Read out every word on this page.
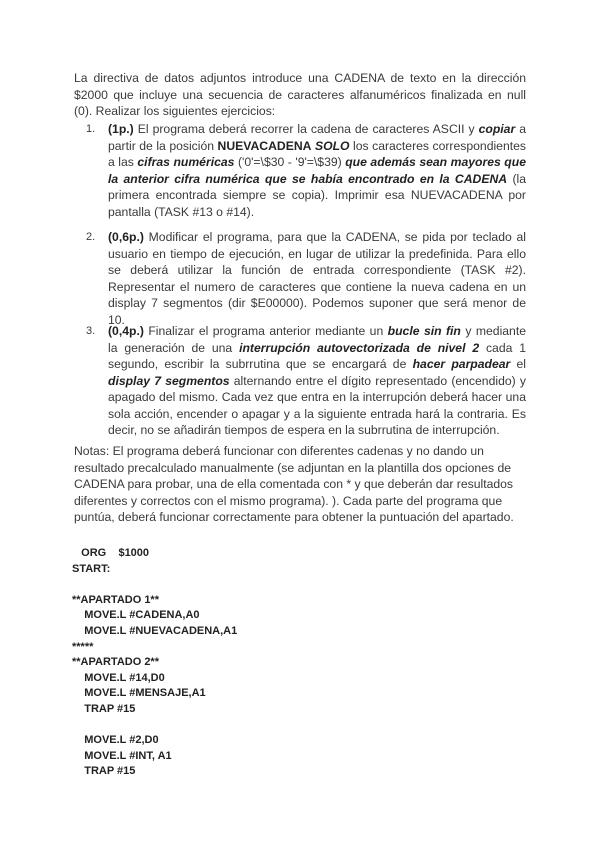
La directiva de datos adjuntos introduce una CADENA de texto en la dirección $2000 que incluye una secuencia de caracteres alfanuméricos finalizada en null (0). Realizar los siguientes ejercicios:

1. (1p.) El programa deberá recorrer la cadena de caracteres ASCII y copiar a partir de la posición NUEVACADENA SOLO los caracteres correspondientes a las cifras numéricas ('0'=\$30 - '9'=\$39) que además sean mayores que la anterior cifra numérica que se había encontrado en la CADENA (la primera encontrada siempre se copia). Imprimir esa NUEVACADENA por pantalla (TASK #13 o #14).
2. (0,6p.) Modificar el programa, para que la CADENA, se pida por teclado al usuario en tiempo de ejecución, en lugar de utilizar la predefinida. Para ello se deberá utilizar la función de entrada correspondiente (TASK #2). Representar el numero de caracteres que contiene la nueva cadena en un display 7 segmentos (dir $E00000). Podemos suponer que será menor de 10.
3. (0,4p.) Finalizar el programa anterior mediante un bucle sin fin y mediante la generación de una interrupción autovectorizada de nivel 2 cada 1 segundo, escribir la subrrutina que se encargará de hacer parpadear el display 7 segmentos alternando entre el dígito representado (encendido) y apagado del mismo. Cada vez que entra en la interrupción deberá hacer una sola acción, encender o apagar y a la siguiente entrada hará la contraria. Es decir, no se añadirán tiempos de espera en la subrrutina de interrupción.
Notas: El programa deberá funcionar con diferentes cadenas y no dando un resultado precalculado manualmente (se adjuntan en la plantilla dos opciones de CADENA para probar, una de ella comentada con * y que deberán dar resultados diferentes y correctos con el mismo programa). ). Cada parte del programa que puntúa, deberá funcionar correctamente para obtener la puntuación del apartado.
ORG    $1000
START:
**APARTADO 1**
MOVE.L #CADENA,A0
MOVE.L #NUEVACADENA,A1
*****
**APARTADO 2**
MOVE.L #14,D0
MOVE.L #MENSAJE,A1
TRAP #15
MOVE.L #2,D0
MOVE.L #INT, A1
TRAP #15
